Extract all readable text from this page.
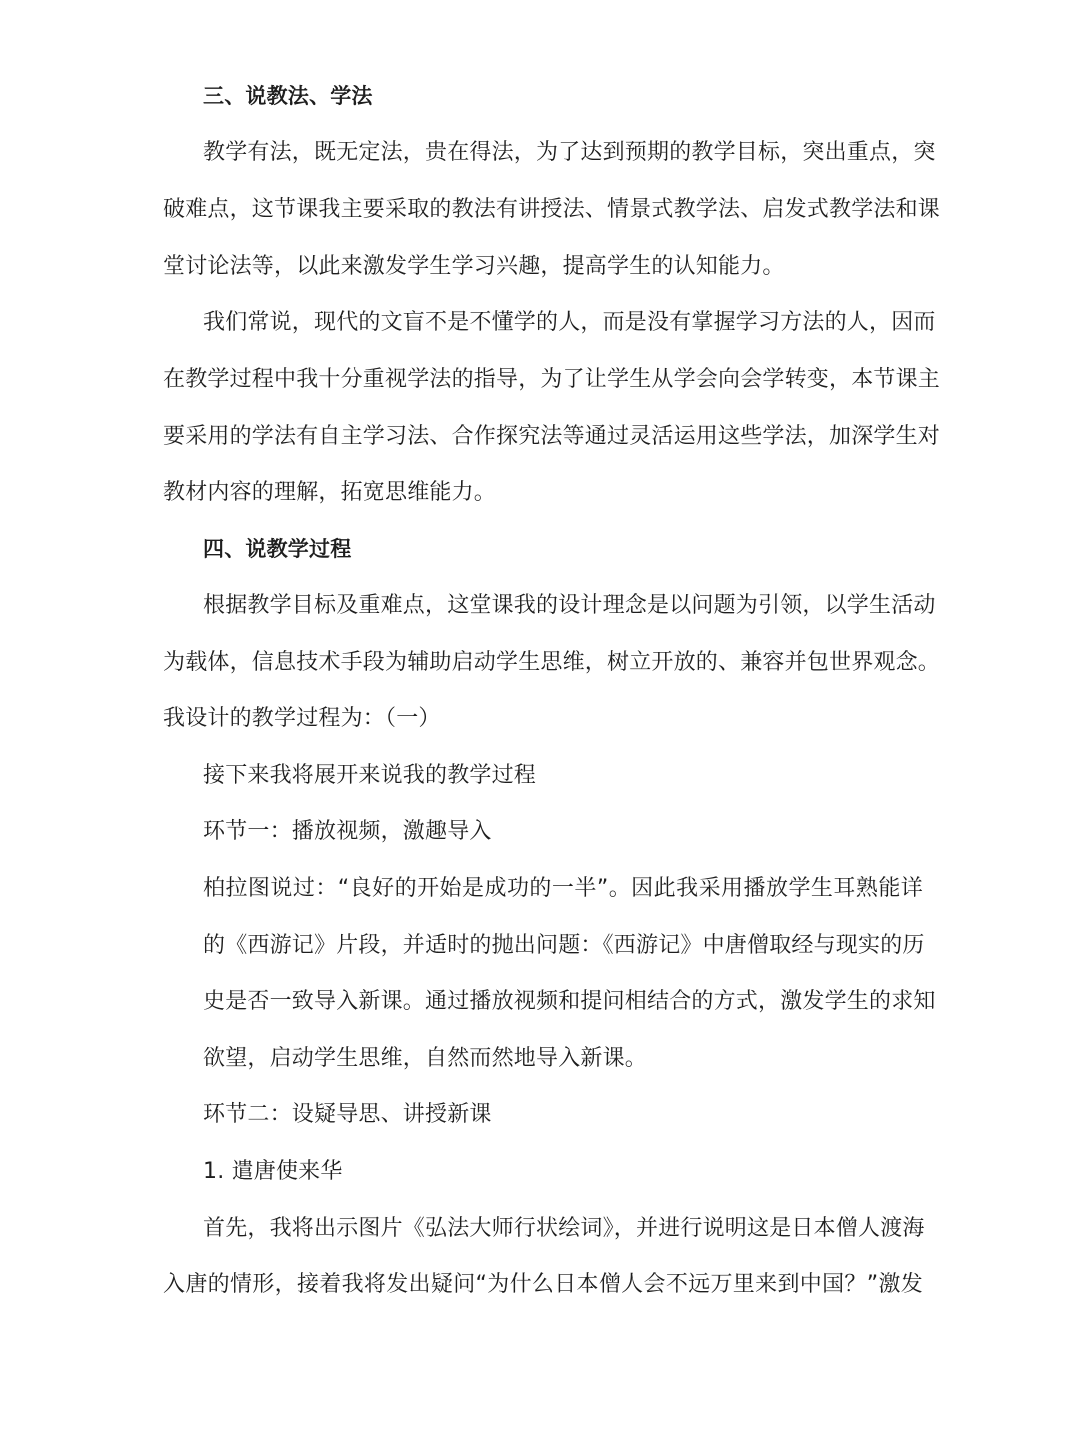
三、说教法、学法
教学有法，既无定法，贵在得法，为了达到预期的教学目标，突出重点，突
破难点，这节课我主要采取的教法有讲授法、情景式教学法、启发式教学法和课
堂讨论法等，以此来激发学生学习兴趣，提高学生的认知能力。
我们常说，现代的文盲不是不懂学的人，而是没有掌握学习方法的人，因而
在教学过程中我十分重视学法的指导，为了让学生从学会向会学转变，本节课主
要采用的学法有自主学习法、合作探究法等通过灵活运用这些学法，加深学生对
教材内容的理解，拓宽思维能力。
四、说教学过程
根据教学目标及重难点，这堂课我的设计理念是以问题为引领，以学生活动
为载体，信息技术手段为辅助启动学生思维，树立开放的、兼容并包世界观念。
我设计的教学过程为：（一）
接下来我将展开来说我的教学过程
环节一：播放视频，激趣导入
柏拉图说过：“良好的开始是成功的一半”。因此我采用播放学生耳熟能详
的《西游记》片段，并适时的抛出问题：《西游记》中唐僧取经与现实的历
史是否一致导入新课。通过播放视频和提问相结合的方式，激发学生的求知
欲望，启动学生思维，自然而然地导入新课。
环节二：设疑导思、讲授新课
1. 遣唐使来华
首先，我将出示图片《弘法大师行状绘词》，并进行说明这是日本僧人渡海
入唐的情形，接着我将发出疑问“为什么日本僧人会不远万里来到中国？”激发
